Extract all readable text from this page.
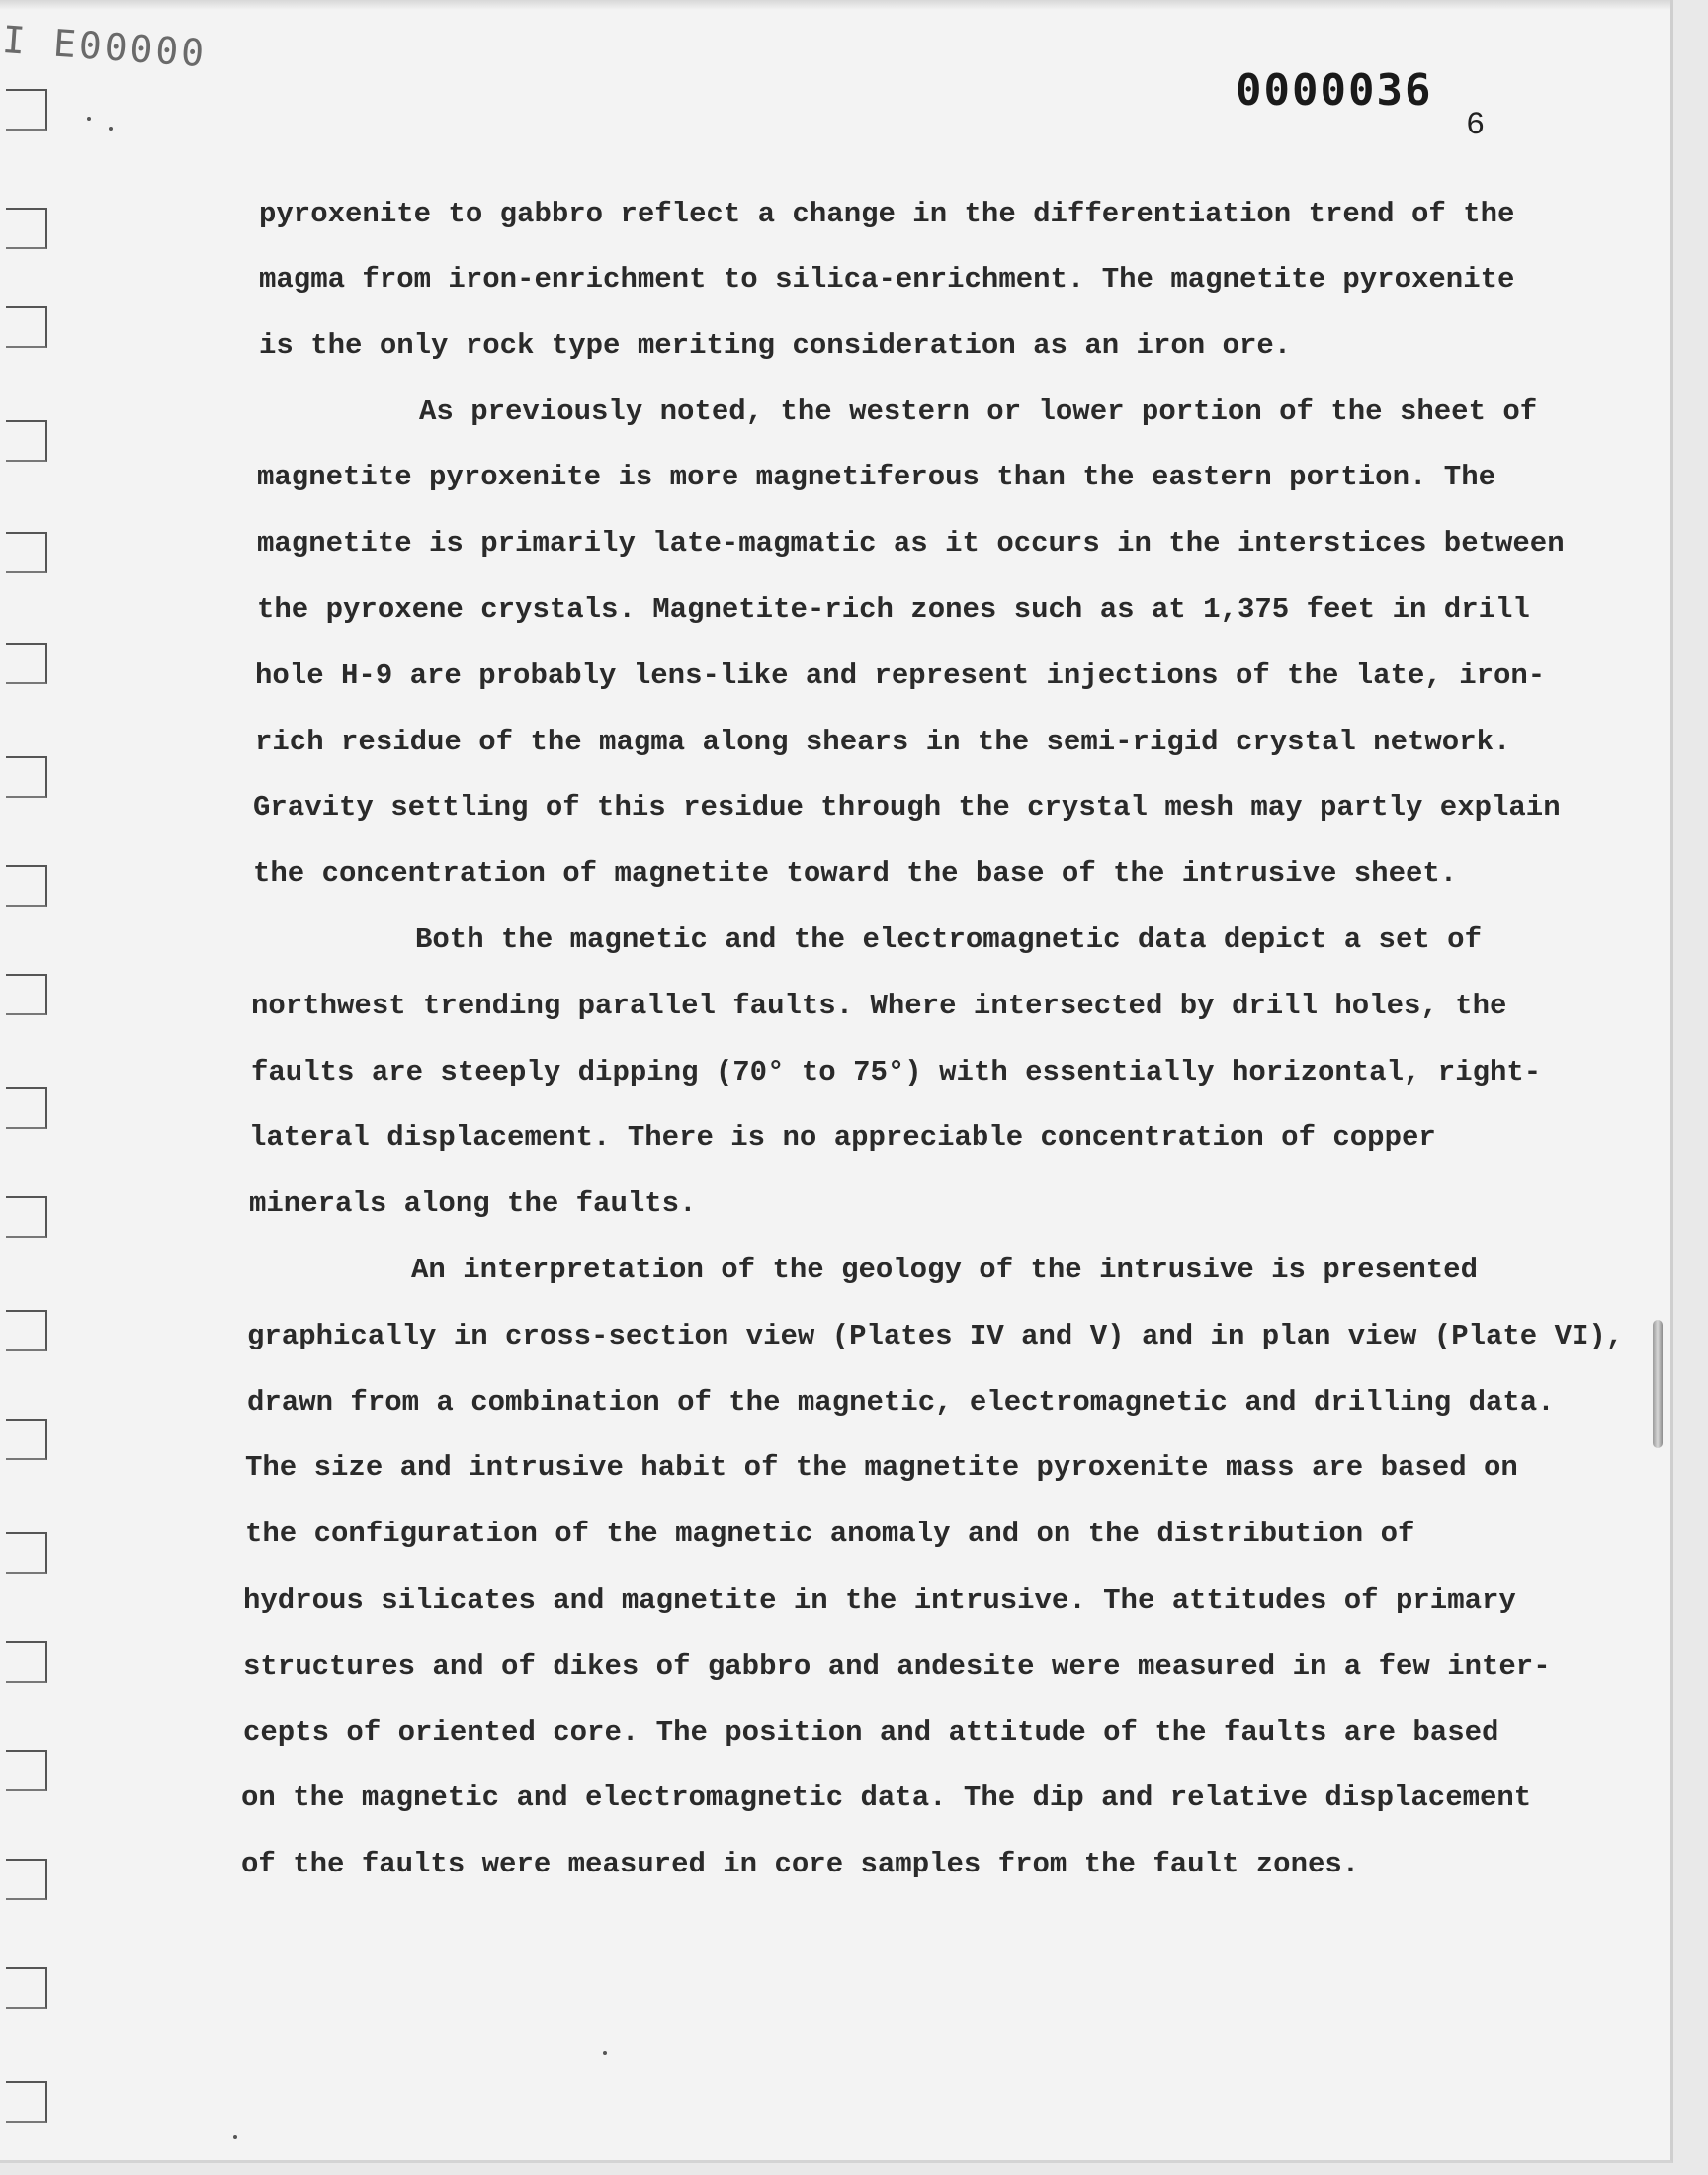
I E00000
0000036
6
pyroxenite to gabbro reflect a change in the differentiation trend of the
magma from iron-enrichment to silica-enrichment. The magnetite pyroxenite
is the only rock type meriting consideration as an iron ore.
As previously noted, the western or lower portion of the sheet of
magnetite pyroxenite is more magnetiferous than the eastern portion. The
magnetite is primarily late-magmatic as it occurs in the interstices between
the pyroxene crystals. Magnetite-rich zones such as at 1,375 feet in drill
hole H-9 are probably lens-like and represent injections of the late, iron-
rich residue of the magma along shears in the semi-rigid crystal network.
Gravity settling of this residue through the crystal mesh may partly explain
the concentration of magnetite toward the base of the intrusive sheet.
Both the magnetic and the electromagnetic data depict a set of
northwest trending parallel faults. Where intersected by drill holes, the
faults are steeply dipping (70° to 75°) with essentially horizontal, right-
lateral displacement. There is no appreciable concentration of copper
minerals along the faults.
An interpretation of the geology of the intrusive is presented
graphically in cross-section view (Plates IV and V) and in plan view (Plate VI),
drawn from a combination of the magnetic, electromagnetic and drilling data.
The size and intrusive habit of the magnetite pyroxenite mass are based on
the configuration of the magnetic anomaly and on the distribution of
hydrous silicates and magnetite in the intrusive. The attitudes of primary
structures and of dikes of gabbro and andesite were measured in a few inter-
cepts of oriented core. The position and attitude of the faults are based
on the magnetic and electromagnetic data. The dip and relative displacement
of the faults were measured in core samples from the fault zones.
